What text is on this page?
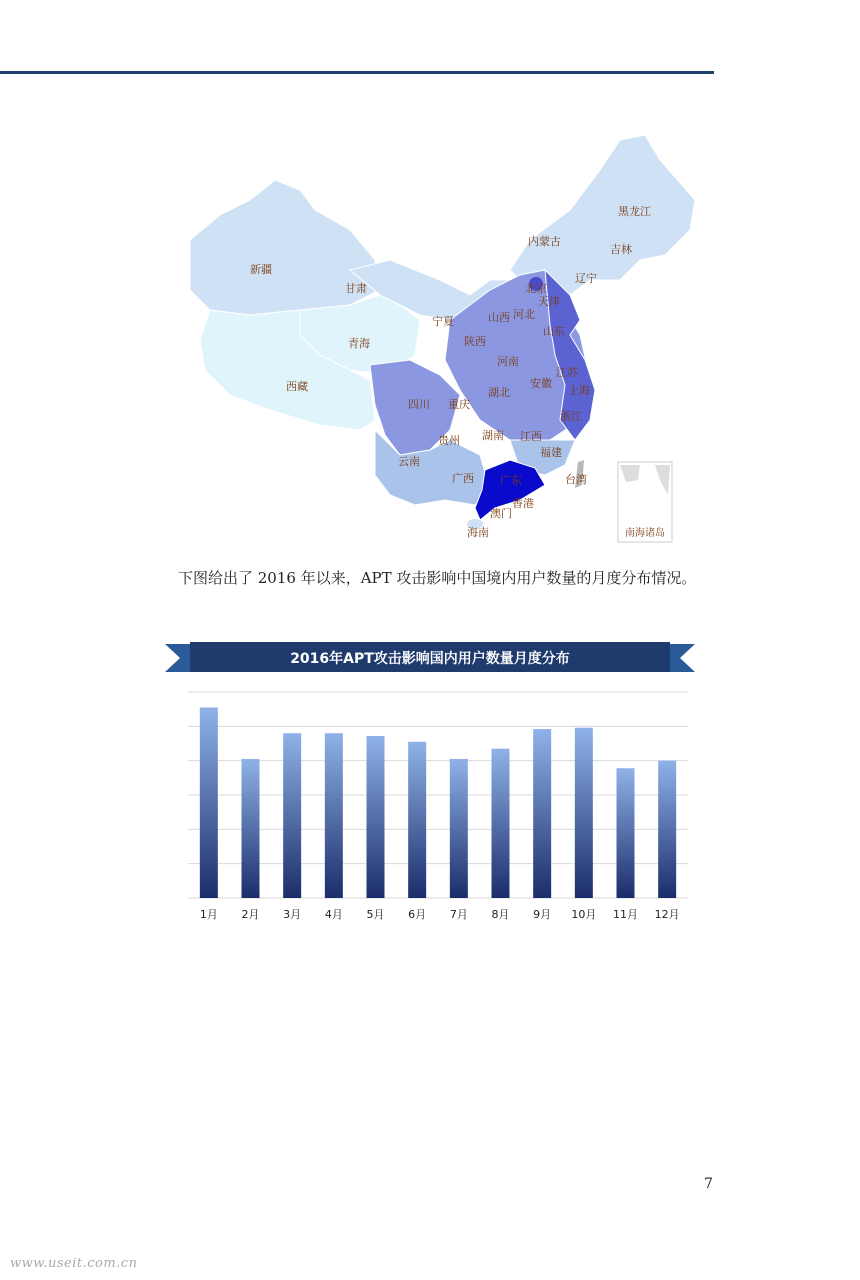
南海诸岛
黑龙江
内蒙古
吉林
辽宁
新疆
甘肃	北京
天津
宁夏	山西 河北
山东
青海	陕西
河南
江苏
西藏	安徽
上海
湖北
四川 重庆
浙江
贵州 湖南 江西
福建
云南
台湾
广西 广东
香港
澳门
海南

下图给出了 2016 年以来，APT 攻击影响中国境内用户数量的月度分布情况。

2016年APT攻击影响国内用户数量月度分布
1月 2月 3月 4月 5月 6月 7月 8月 9月 10月 11月 12月
7
www.useit.com.cn
